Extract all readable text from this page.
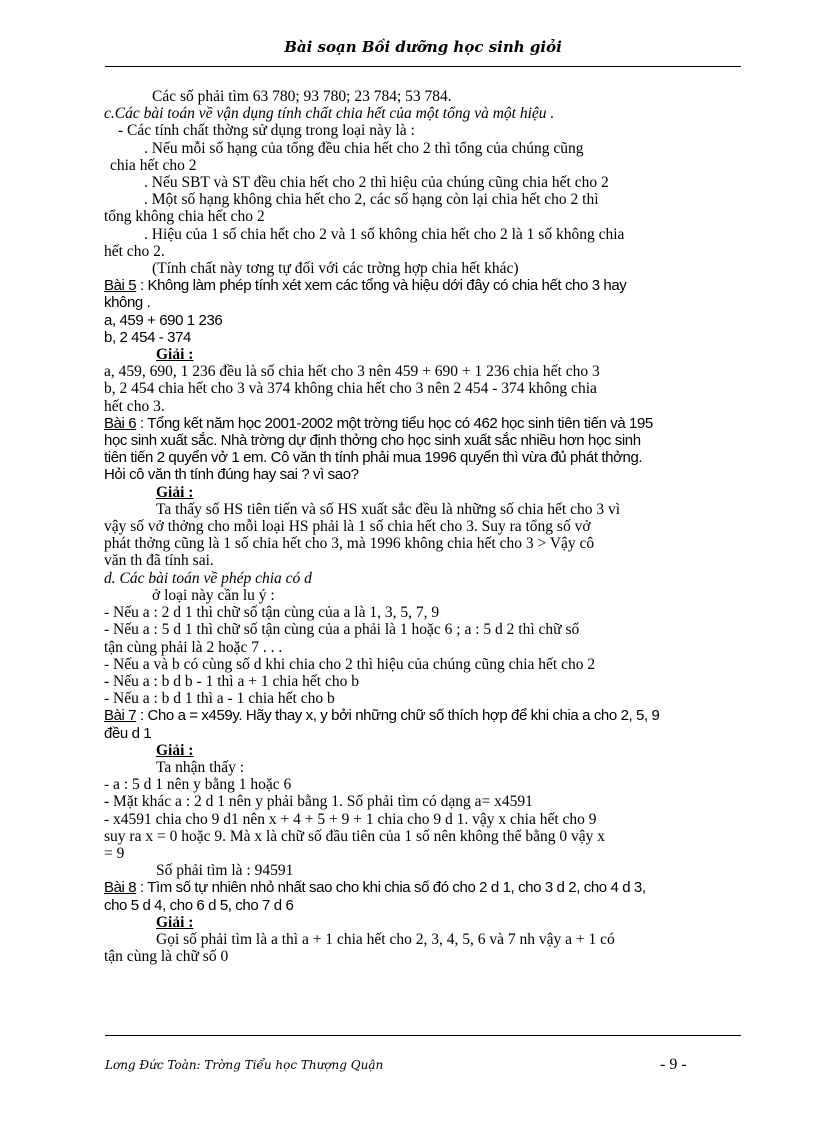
Bài soạn Bồi dưỡng học sinh giỏi
Các số phải tìm 63 780; 93 780; 23 784; 53 784.
c.Các bài toán về vận dụng tính chất chia hết của một tổng và một hiệu .
- Các tính chất thờng sử dụng trong loại này là :
. Nếu mỗi số hạng của tổng đều chia hết cho 2 thì tổng của chúng cũng
chia hết cho 2
. Nếu SBT và ST đều chia hết cho 2 thì hiệu của chúng cũng chia hết cho 2
. Một số hạng không chia hết cho 2, các số hạng còn lại chia hết cho 2 thì
tổng không chia hết cho 2
. Hiệu của 1 số chia hết cho 2 và 1 số không chia hết cho 2 là 1 số không chia
hết cho 2.
(Tính chất này tơng tự đối với các trờng hợp chia hết khác)
Bài 5 : Không làm phép tính xét xem các tổng và hiệu dới đây có chia hết cho 3 hay
không .
a, 459 + 690 1 236
b, 2 454 - 374
Giải :
a, 459, 690, 1 236 đều là số chia hết cho 3 nên 459 + 690 + 1 236 chia hết cho 3
b, 2 454 chia hết cho 3 và 374 không chia hết cho 3 nên 2 454 - 374 không chia
hết cho 3.
Bài 6 : Tổng kết năm học 2001-2002 một trờng tiểu học có 462 học sinh tiên tiến và 195
học sinh xuất sắc. Nhà trờng dự định thởng cho học sinh xuất sắc nhiều hơn học sinh
tiên tiến 2 quyển vở 1 em. Cô văn th tính phải mua 1996 quyển thì vừa đủ phát thởng.
Hỏi cô văn th tính đúng hay sai ? vì sao?
Giải :
Ta thấy số HS tiên tiến và số HS xuất sắc đều là những số chia hết cho 3 vì
vậy số vở thởng cho mỗi loại HS phải là 1 số chia hết cho 3. Suy ra tổng số vở
phát thởng cũng là 1 số chia hết cho 3, mà 1996 không chia hết cho 3 > Vậy cô
văn th đã tính sai.
d. Các bài toán về phép chia có d
ở loại này cần lu ý :
- Nếu a : 2 d 1 thì chữ số tận cùng của a là 1, 3, 5, 7, 9
- Nếu a : 5 d 1 thì chữ số tận cùng của a phải là 1 hoặc 6 ; a : 5 d 2 thì chữ số
tận cùng phải là 2 hoặc 7 . . .
- Nếu a và b có cùng số d khi chia cho 2 thì hiệu của chúng cũng chia hết cho 2
- Nếu a : b d b - 1 thì a + 1 chia hết cho b
- Nếu a : b d 1 thì a - 1 chia hết cho b
Bài 7 : Cho a = x459y. Hãy thay x, y bởi những chữ số thích hợp để khi chia a cho 2, 5, 9
đều d 1
Giải :
Ta nhận thấy :
- a : 5 d 1 nên y bằng 1 hoặc 6
- Mặt khác a : 2 d 1 nên y phải bằng 1. Số phải tìm có dạng a= x4591
- x4591 chia cho 9 d1 nên x + 4 + 5 + 9 + 1 chia cho 9 d 1. vậy x chia hết cho 9
suy ra x = 0 hoặc 9. Mà x là chữ số đầu tiên của 1 số nên không thể bằng 0 vậy x
= 9
Số phải tìm là : 94591
Bài 8 : Tìm số tự nhiên nhỏ nhất sao cho khi chia số đó cho 2 d 1, cho 3 d 2, cho 4 d 3,
cho 5 d 4, cho 6 d 5, cho 7 d 6
Giải :
Gọi số phải tìm là a thì a + 1 chia hết cho 2, 3, 4, 5, 6 và 7 nh vậy a + 1 có
tận cùng là chữ số 0
Lơng Đức Toàn: Trờng Tiểu học Thượng Quận	- 9 -
